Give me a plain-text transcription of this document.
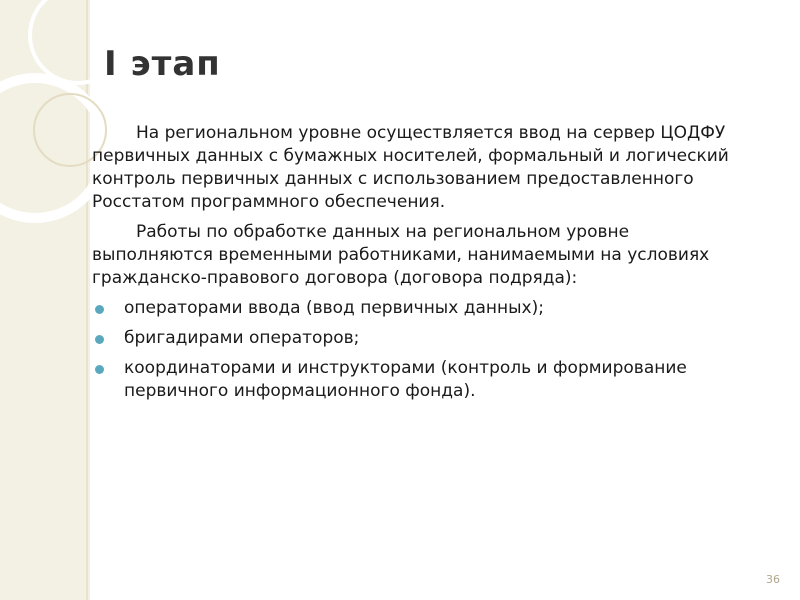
I этап

На региональном уровне осуществляется ввод на сервер ЦОДФУ первичных данных с бумажных носителей, формальный и логический контроль первичных данных с использованием предоставленного Росстатом программного обеспечения.

Работы по обработке данных на региональном уровне выполняются временными работниками, нанимаемыми на условиях гражданско-правового договора (договора подряда):

операторами ввода (ввод первичных данных);
бригадирами операторов;
координаторами и инструкторами (контроль и формирование первичного информационного фонда).
36
